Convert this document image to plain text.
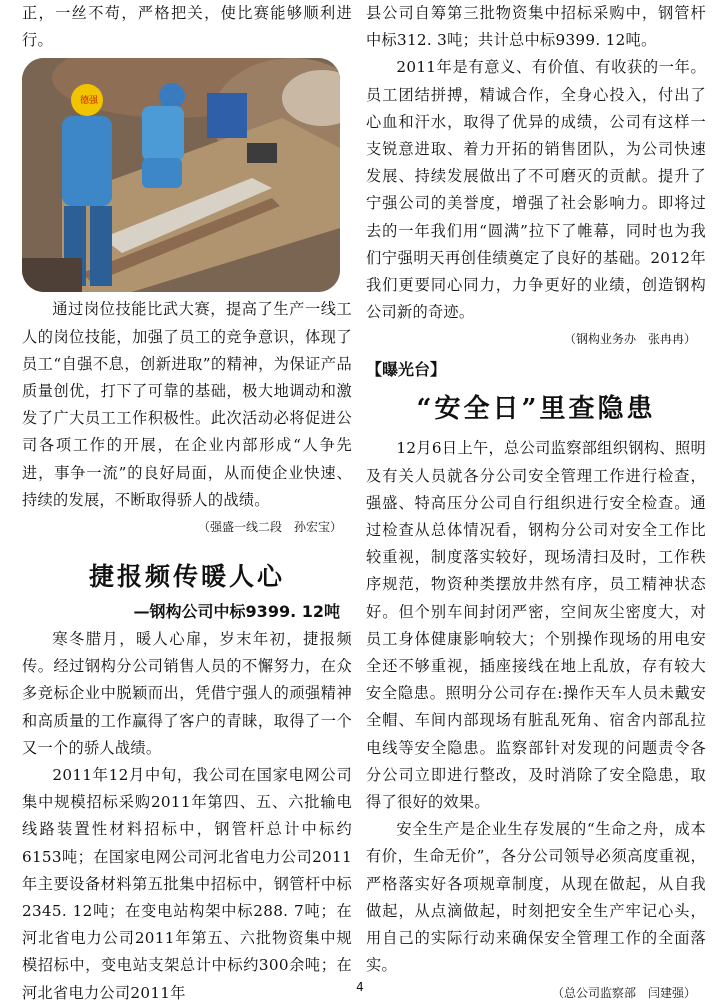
正，一丝不苟，严格把关，使比赛能够顺利进行。

德强

通过岗位技能比武大赛，提高了生产一线工人的岗位技能，加强了员工的竞争意识，体现了员工“自强不息，创新进取”的精神，为保证产品质量创优，打下了可靠的基础，极大地调动和激发了广大员工工作积极性。此次活动必将促进公司各项工作的开展，在企业内部形成“人争先进，事争一流”的良好局面，从而使企业快速、持续的发展，不断取得骄人的战绩。

（强盛一线二段　孙宏宝）
捷报频传暖人心
—钢构公司中标9399. 12吨

寒冬腊月，暖人心扉，岁末年初，捷报频传。经过钢构分公司销售人员的不懈努力，在众多竞标企业中脱颖而出，凭借宁强人的顽强精神和高质量的工作赢得了客户的青睐，取得了一个又一个的骄人战绩。

2011年12月中旬，我公司在国家电网公司集中规模招标采购2011年第四、五、六批输电线路装置性材料招标中，钢管杆总计中标约6153吨；在国家电网公司河北省电力公司2011年主要设备材料第五批集中招标中，钢管杆中标2345. 12吨；在变电站构架中标288. 7吨；在河北省电力公司2011年第五、六批物资集中规模招标中，变电站支架总计中标约300余吨；在河北省电力公司2011年

县公司自筹第三批物资集中招标采购中，钢管杆中标312. 3吨；共计总中标9399. 12吨。

2011年是有意义、有价值、有收获的一年。员工团结拼搏，精诚合作，全身心投入，付出了心血和汗水，取得了优异的成绩，公司有这样一支锐意进取、着力开拓的销售团队，为公司快速发展、持续发展做出了不可磨灭的贡献。提升了宁强公司的美誉度，增强了社会影响力。即将过去的一年我们用“圆满”拉下了帷幕，同时也为我们宁强明天再创佳绩奠定了良好的基础。2012年我们更要同心同力，力争更好的业绩，创造钢构公司新的奇迹。

（钢构业务办　张冉冉）
【曝光台】
“安全日”里查隐患

12月6日上午，总公司监察部组织钢构、照明及有关人员就各分公司安全管理工作进行检查，强盛、特高压分公司自行组织进行安全检查。通过检查从总体情况看，钢构分公司对安全工作比较重视，制度落实较好，现场清扫及时，工作秩序规范，物资种类摆放井然有序，员工精神状态好。但个别车间封闭严密，空间灰尘密度大，对员工身体健康影响较大；个别操作现场的用电安全还不够重视，插座接线在地上乱放，存有较大安全隐患。照明分公司存在:操作天车人员未戴安全帽、车间内部现场有脏乱死角、宿舍内部乱拉电线等安全隐患。监察部针对发现的问题责令各分公司立即进行整改，及时消除了安全隐患，取得了很好的效果。

安全生产是企业生存发展的“生命之舟，成本有价，生命无价”，各分公司领导必须高度重视，严格落实好各项规章制度，从现在做起，从自我做起，从点滴做起，时刻把安全生产牢记心头，用自己的实际行动来确保安全管理工作的全面落实。

（总公司监察部　闫建强）
4
